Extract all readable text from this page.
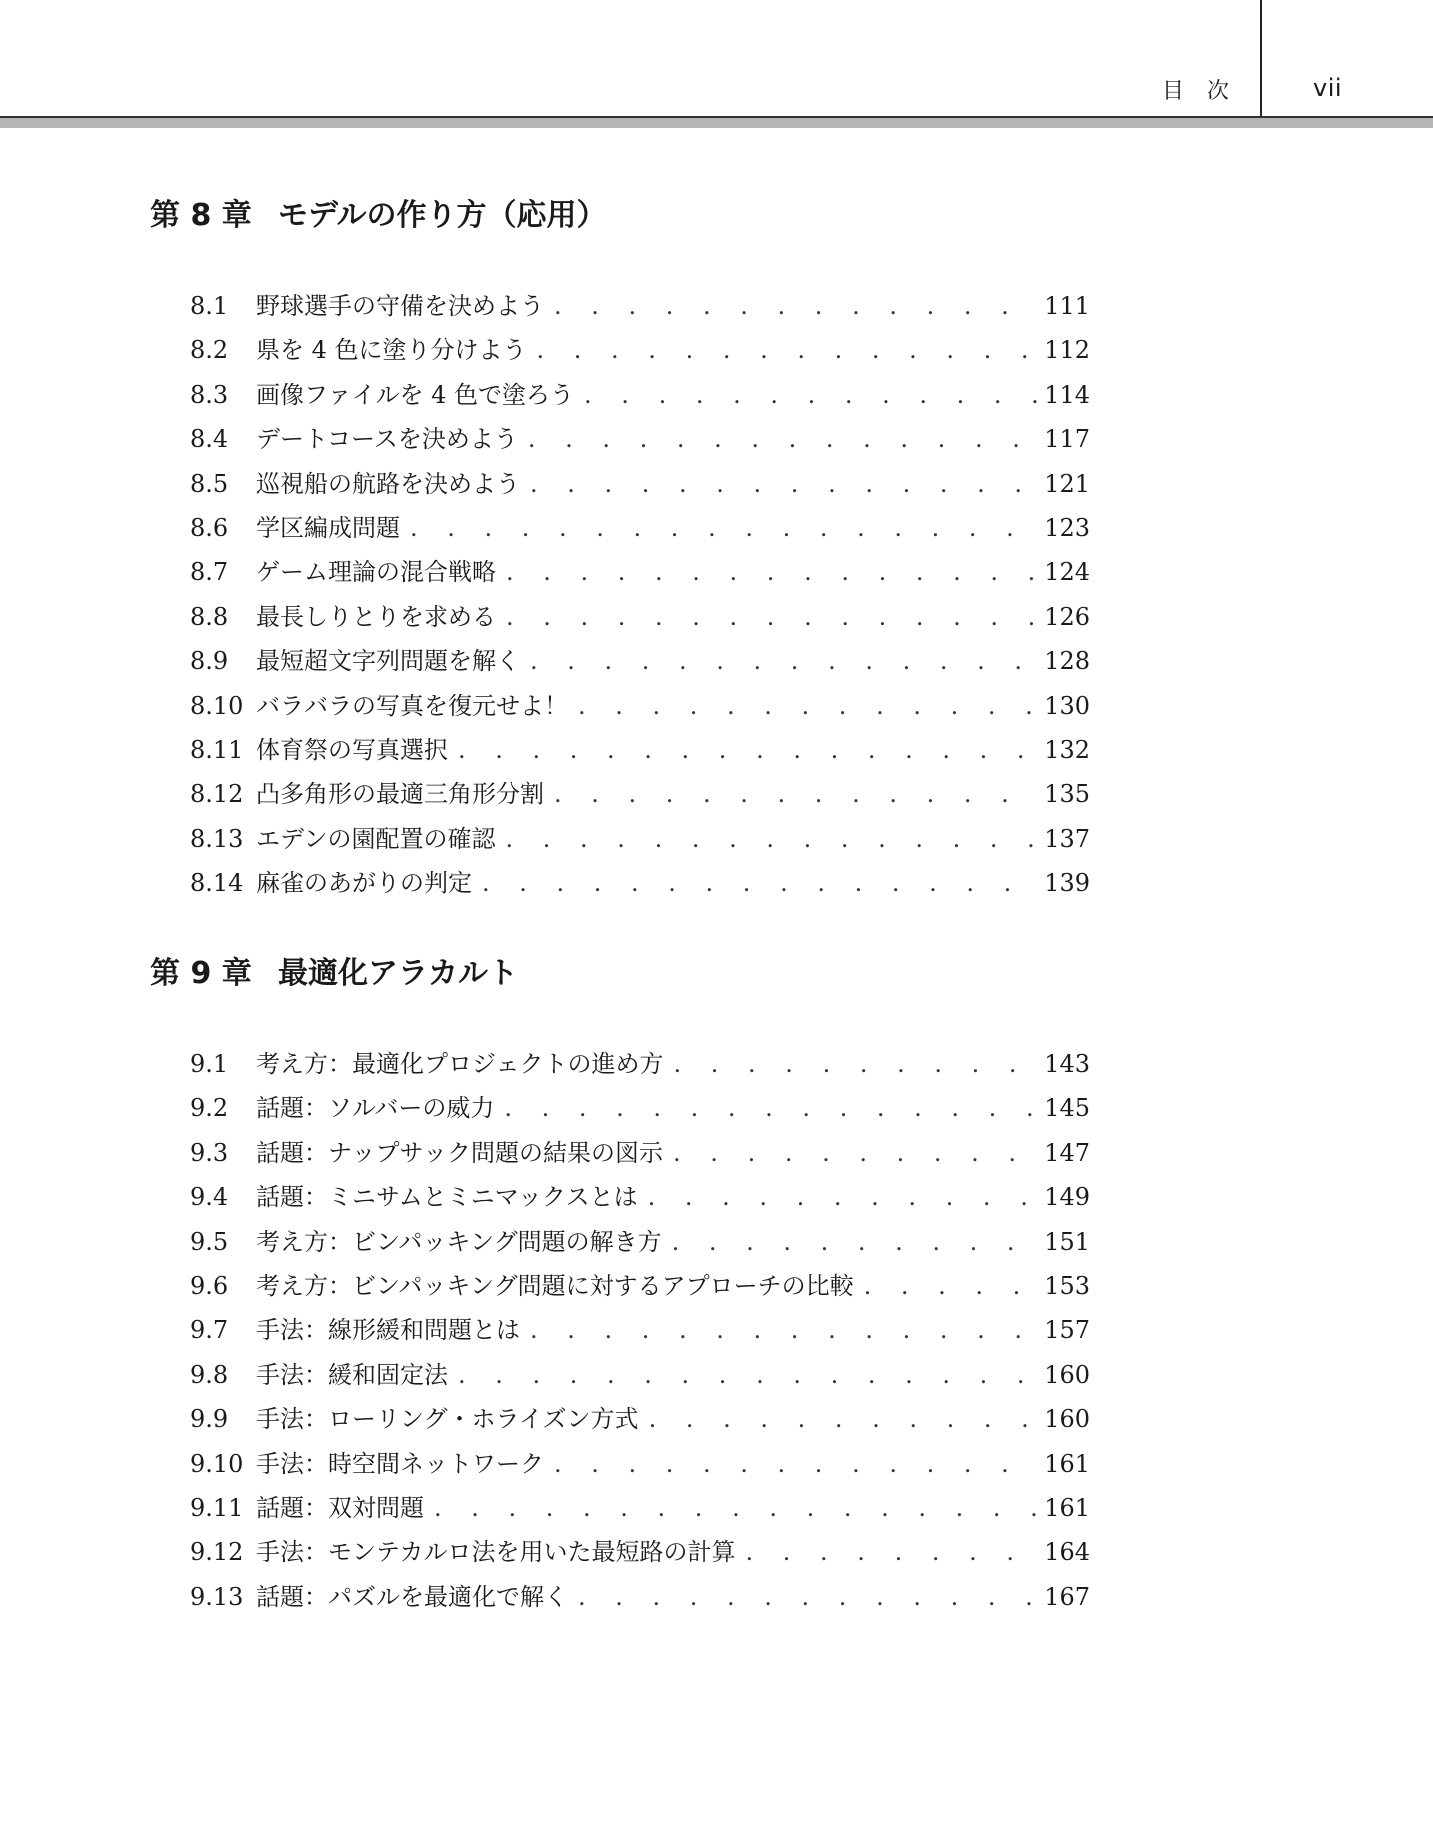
目　次	vii
第 8 章 モデルの作り方（応用）
8.1	野球選手の守備を決めよう . . .	111
8.2	県を 4 色に塗り分けよう . . .	112
8.3	画像ファイルを 4 色で塗ろう . . .	114
8.4	デートコースを決めよう . . .	117
8.5	巡視船の航路を決めよう . . .	121
8.6	学区編成問題 . . .	123
8.7	ゲーム理論の混合戦略 . . .	124
8.8	最長しりとりを求める . . .	126
8.9	最短超文字列問題を解く . . .	128
8.10 バラバラの写真を復元せよ！ . . .	130
8.11 体育祭の写真選択 . . .	132
8.12 凸多角形の最適三角形分割 . . .	135
8.13 エデンの園配置の確認 . . .	137
8.14 麻雀のあがりの判定 . . .	139
第 9 章 最適化アラカルト
9.1	考え方：最適化プロジェクトの進め方 . . .	143
9.2	話題：ソルバーの威力 . . .	145
9.3	話題：ナップサック問題の結果の図示 . . .	147
9.4	話題：ミニサムとミニマックスとは . . .	149
9.5	考え方：ビンパッキング問題の解き方 . . .	151
9.6	考え方：ビンパッキング問題に対するアプローチの比較 . . .	153
9.7	手法：線形緩和問題とは . . .	157
9.8	手法：緩和固定法 . . .	160
9.9	手法：ローリング・ホライズン方式 . . .	160
9.10 手法：時空間ネットワーク . . .	161
9.11 話題：双対問題 . . .	161
9.12 手法：モンテカルロ法を用いた最短路の計算 . . .	164
9.13 話題：パズルを最適化で解く . . .	167
